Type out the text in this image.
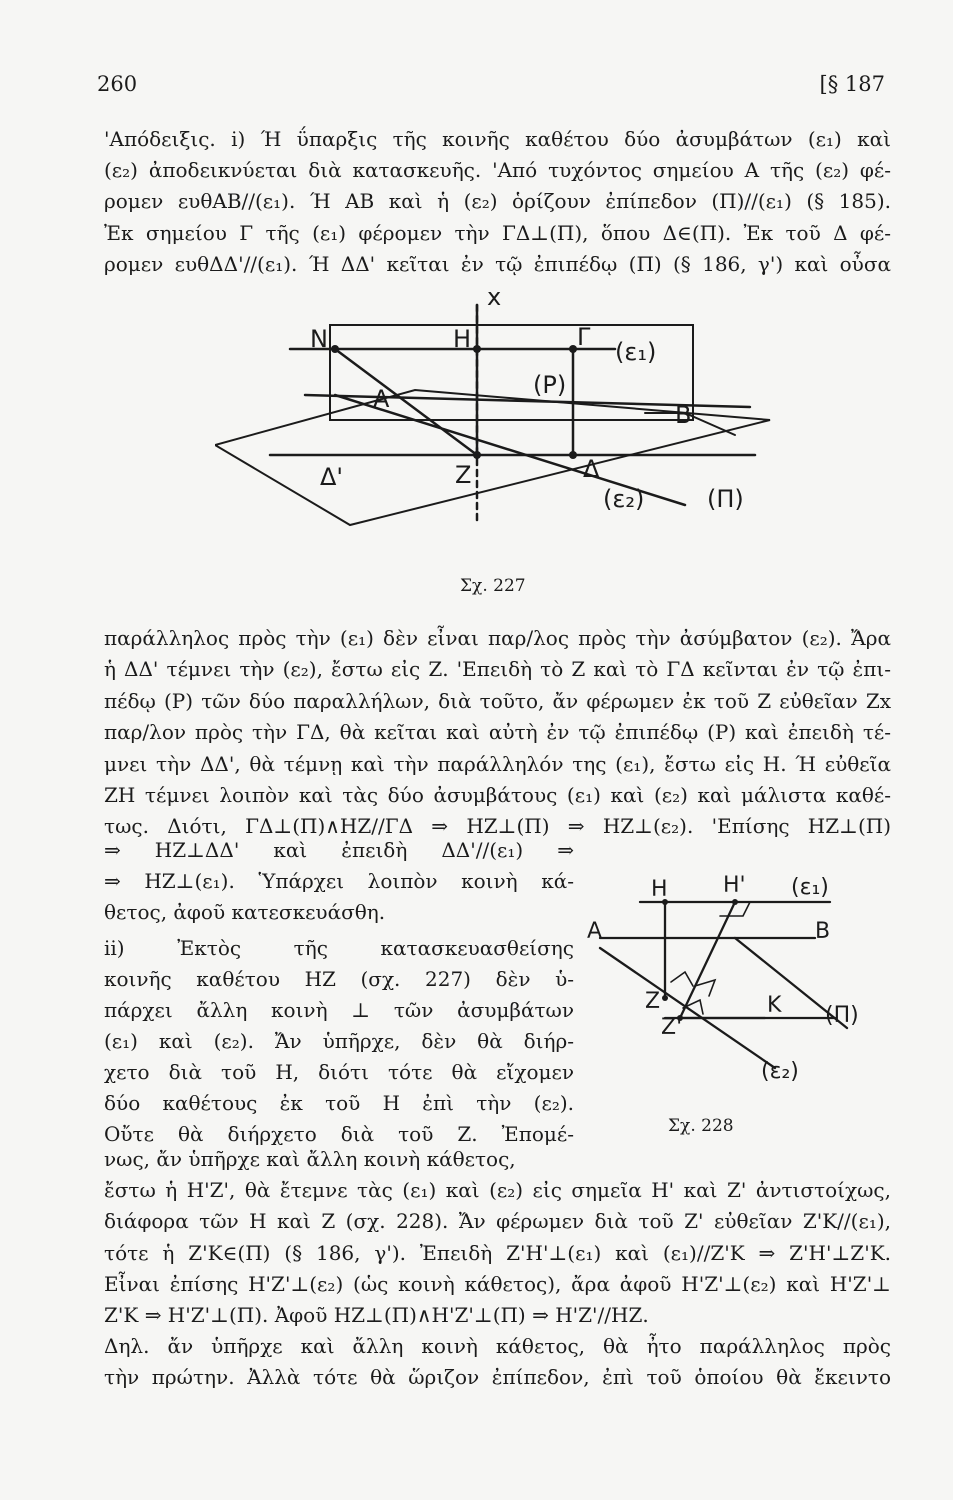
260	[§ 187
'Απόδειξις. i) Ή ΰπαρξις τῆς κοινῆς καθέτου δύο ἀσυμβάτων (ε₁) καὶ
(ε₂) ἀποδεικνύεται διὰ κατασκευῆς. 'Από τυχόντος σημείου Α τῆς (ε₂) φέ-
ρομεν ευθΑΒ//(ε₁). Ή ΑΒ καὶ ἡ (ε₂) ὁρίζουν ἐπίπεδον (Π)//(ε₁) (§ 185).
Ἐκ σημείου Γ τῆς (ε₁) φέρομεν τὴν ΓΔ⊥(Π), ὅπου Δ∈(Π). Ἐκ τοῦ Δ φέ-
ρομεν ευθΔΔ'//(ε₁). Ή ΔΔ' κεῖται ἐν τῷ ἐπιπέδῳ (Π) (§ 186, γ') καὶ οὖσα
x
Ν	Η	Γ
(ε₁)
(Ρ)
Α
Β
Δ'	Ζ	Δ
(ε₂)	(Π)
Σχ. 227
παράλληλος πρὸς τὴν (ε₁) δὲν εἶναι παρ/λος πρὸς τὴν ἀσύμβατον (ε₂). Ἄρα
ἡ ΔΔ' τέμνει τὴν (ε₂), ἔστω εἰς Ζ. 'Επειδὴ τὸ Ζ καὶ τὸ ΓΔ κεῖνται ἐν τῷ ἐπι-
πέδῳ (Ρ) τῶν δύο παραλλήλων, διὰ τοῦτο, ἄν φέρωμεν ἐκ τοῦ Ζ εὐθεῖαν Ζx
παρ/λον πρὸς τὴν ΓΔ, θὰ κεῖται καὶ αὐτὴ ἐν τῷ ἐπιπέδῳ (Ρ) καὶ ἐπειδὴ τέ-
μνει τὴν ΔΔ', θὰ τέμνῃ καὶ τὴν παράλληλόν της (ε₁), ἔστω εἰς Η. Ή εὐθεῖα
ΖΗ τέμνει λοιπὸν καὶ τὰς δύο ἀσυμβάτους (ε₁) καὶ (ε₂) καὶ μάλιστα καθέ-
τως. Διότι, ΓΔ⊥(Π)∧ΗΖ//ΓΔ ⇒ ΗΖ⊥(Π) ⇒ ΗΖ⊥(ε₂). 'Επίσης ΗΖ⊥(Π)
⇒ ΗΖ⊥ΔΔ' καὶ ἐπειδὴ ΔΔ'//(ε₁) ⇒
⇒ ΗΖ⊥(ε₁). Ὑπάρχει λοιπὸν κοινὴ κά-
θετος, ἀφοῦ κατεσκευάσθη.
ii) Ἐκτὸς τῆς κατασκευασθείσης
κοινῆς καθέτου ΗΖ (σχ. 227) δὲν ὑ-
πάρχει ἄλλη κοινὴ ⊥ τῶν ἀσυμβάτων
(ε₁) καὶ (ε₂). Ἄν ὑπῆρχε, δὲν θὰ διήρ-
χετο διὰ τοῦ Η, διότι τότε θὰ εἴχομεν
δύο καθέτους ἐκ τοῦ Η ἐπὶ τὴν (ε₂).
Οὔτε θὰ διήρχετο διὰ τοῦ Ζ. Ἐπομέ-
νως, ἄν ὑπῆρχε καὶ ἄλλη κοινὴ κάθετος,
Η	Η' (ε₁)
Α	Β
Ζ
Ζ'
Κ (Π)
(ε₂)
Σχ. 228
ἔστω ἡ Η'Ζ', θὰ ἔτεμνε τὰς (ε₁) καὶ (ε₂) εἰς σημεῖα Η' καὶ Ζ' ἀντιστοίχως,
διάφορα τῶν Η καὶ Ζ (σχ. 228). Ἄν φέρωμεν διὰ τοῦ Ζ' εὐθεῖαν Ζ'Κ//(ε₁),
τότε ἡ Ζ'Κ∈(Π) (§ 186, γ'). Ἐπειδὴ Ζ'Η'⊥(ε₁) καὶ (ε₁)//Ζ'Κ ⇒ Ζ'Η'⊥Ζ'Κ.
Εἶναι ἐπίσης Η'Ζ'⊥(ε₂) (ὡς κοινὴ κάθετος), ἄρα ἀφοῦ Η'Ζ'⊥(ε₂) καὶ Η'Ζ'⊥
Ζ'Κ ⇒ Η'Ζ'⊥(Π). Ἀφοῦ ΗΖ⊥(Π)∧Η'Ζ'⊥(Π) ⇒ Η'Ζ'//ΗΖ.
Δηλ. ἄν ὑπῆρχε καὶ ἄλλη κοινὴ κάθετος, θὰ ἦτο παράλληλος πρὸς
τὴν πρώτην. Ἀλλὰ τότε θὰ ὥριζον ἐπίπεδον, ἐπὶ τοῦ ὁποίου θὰ ἔκειντο
